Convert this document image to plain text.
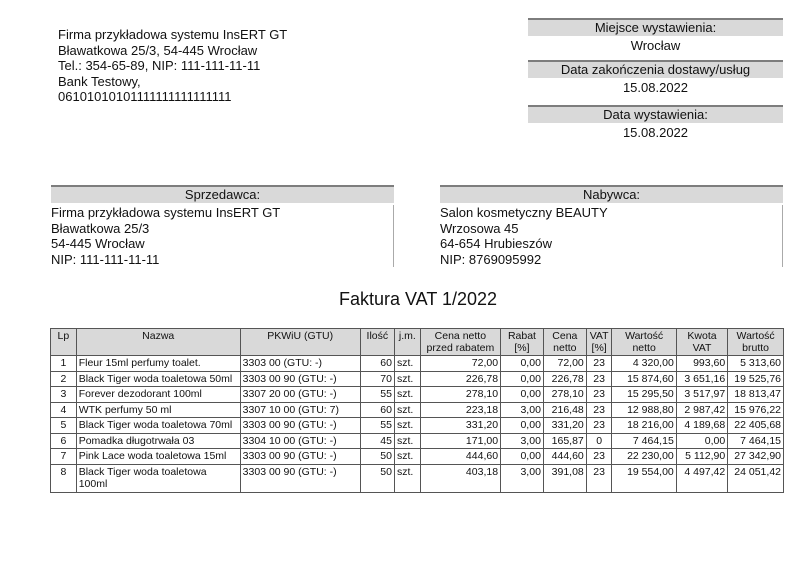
Firma przykładowa systemu InsERT GT
Bławatkowa 25/3, 54-445 Wrocław
Tel.: 354-65-89, NIP: 111-111-11-11
Bank Testowy,
06101010101111111111111111
Miejsce wystawienia:
Wrocław
Data zakończenia dostawy/usług
15.08.2022
Data wystawienia:
15.08.2022
Sprzedawca:
Firma przykładowa systemu InsERT GT
Bławatkowa 25/3
54-445 Wrocław
NIP: 111-111-11-11
Nabywca:
Salon kosmetyczny BEAUTY
Wrzosowa 45
64-654 Hrubieszów
NIP: 8769095992
Faktura VAT 1/2022
Lp	Nazwa	PKWiU (GTU)	Ilość	j.m.	Cena netto przed rabatem	Rabat [%]	Cena netto	VAT [%]	Wartość netto	Kwota VAT	Wartość brutto
1	Fleur 15ml perfumy toalet.	3303 00 (GTU: -)	60	szt.	72,00	0,00	72,00	23	4 320,00	993,60	5 313,60
2	Black Tiger woda toaletowa 50ml	3303 00 90 (GTU: -)	70	szt.	226,78	0,00	226,78	23	15 874,60	3 651,16	19 525,76
3	Forever dezodorant 100ml	3307 20 00 (GTU: -)	55	szt.	278,10	0,00	278,10	23	15 295,50	3 517,97	18 813,47
4	WTK perfumy 50 ml	3307 10 00 (GTU: 7)	60	szt.	223,18	3,00	216,48	23	12 988,80	2 987,42	15 976,22
5	Black Tiger woda toaletowa 70ml	3303 00 90 (GTU: -)	55	szt.	331,20	0,00	331,20	23	18 216,00	4 189,68	22 405,68
6	Pomadka długotrwała 03	3304 10 00 (GTU: -)	45	szt.	171,00	3,00	165,87	0	7 464,15	0,00	7 464,15
7	Pink Lace woda toaletowa 15ml	3303 00 90 (GTU: -)	50	szt.	444,60	0,00	444,60	23	22 230,00	5 112,90	27 342,90
8	Black Tiger woda toaletowa 100ml	3303 00 90 (GTU: -)	50	szt.	403,18	3,00	391,08	23	19 554,00	4 497,42	24 051,42
